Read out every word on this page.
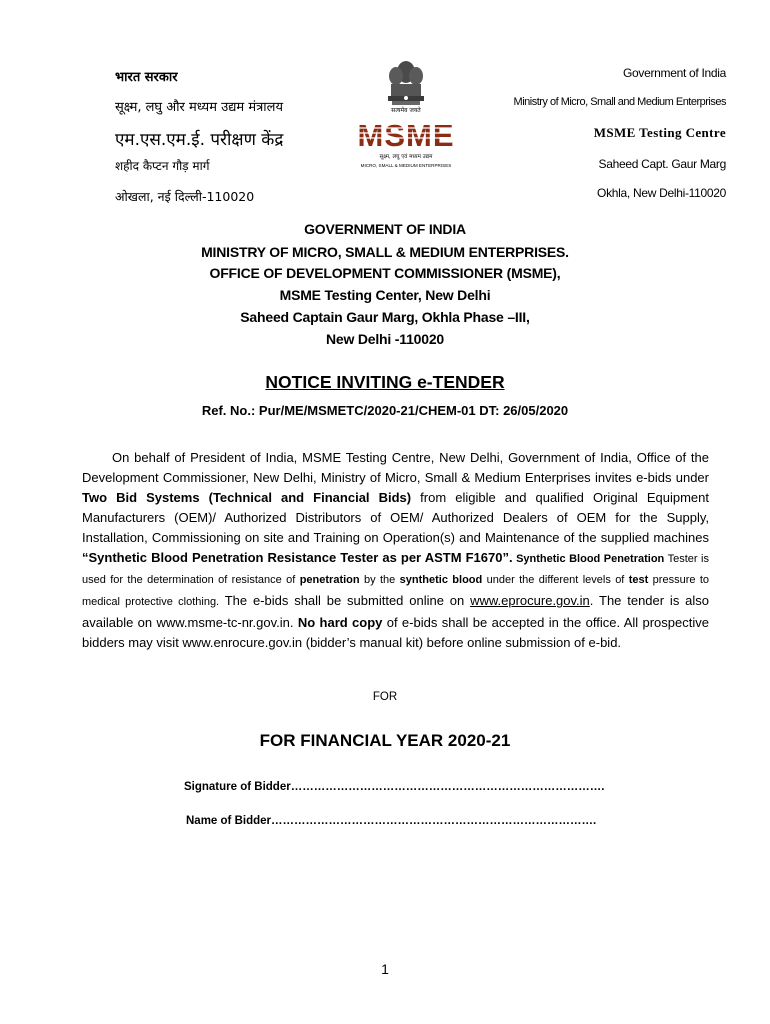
भारत सरकार
सूक्ष्म, लघु और मध्यम उद्यम मंत्रालय
एम.एस.एम.ई. परीक्षण केंद्र
शहीद कैप्टन गौड़ मार्ग
ओखला, नई दिल्ली-110020
सत्यमेव जयते
MSME
सूक्ष्म, लघु एवं मध्यम उद्यम
MICRO, SMALL & MEDIUM ENTERPRISES
Government of India
Ministry of Micro, Small and Medium Enterprises
MSME Testing Centre
Saheed Capt. Gaur Marg
Okhla, New Delhi-110020
GOVERNMENT OF INDIA
MINISTRY OF MICRO, SMALL & MEDIUM ENTERPRISES.
OFFICE OF DEVELOPMENT COMMISSIONER (MSME),
MSME Testing Center, New Delhi
Saheed Captain Gaur Marg, Okhla Phase –III,
New Delhi -110020
NOTICE INVITING e-TENDER
Ref. No.: Pur/ME/MSMETC/2020-21/CHEM-01 DT: 26/05/2020

On behalf of President of India, MSME Testing Centre, New Delhi, Government of India, Office of the Development Commissioner, New Delhi, Ministry of Micro, Small & Medium Enterprises invites e-bids under Two Bid Systems (Technical and Financial Bids) from eligible and qualified Original Equipment Manufacturers (OEM)/ Authorized Distributors of OEM/ Authorized Dealers of OEM for the Supply, Installation, Commissioning on site and Training on Operation(s) and Maintenance of the supplied machines “Synthetic Blood Penetration Resistance Tester as per ASTM F1670”. Synthetic Blood Penetration Tester is used for the determination of resistance of penetration by the synthetic blood under the different levels of test pressure to medical protective clothing. The e-bids shall be submitted online on www.eprocure.gov.in. The tender is also available on www.msme-tc-nr.gov.in. No hard copy of e-bids shall be accepted in the office. All prospective bidders may visit www.enrocure.gov.in (bidder’s manual kit) before online submission of e-bid.

FOR
FOR FINANCIAL YEAR 2020-21
Signature of Bidder……………………………………………………………………….
Name of Bidder………………………………………………………………………….
1
